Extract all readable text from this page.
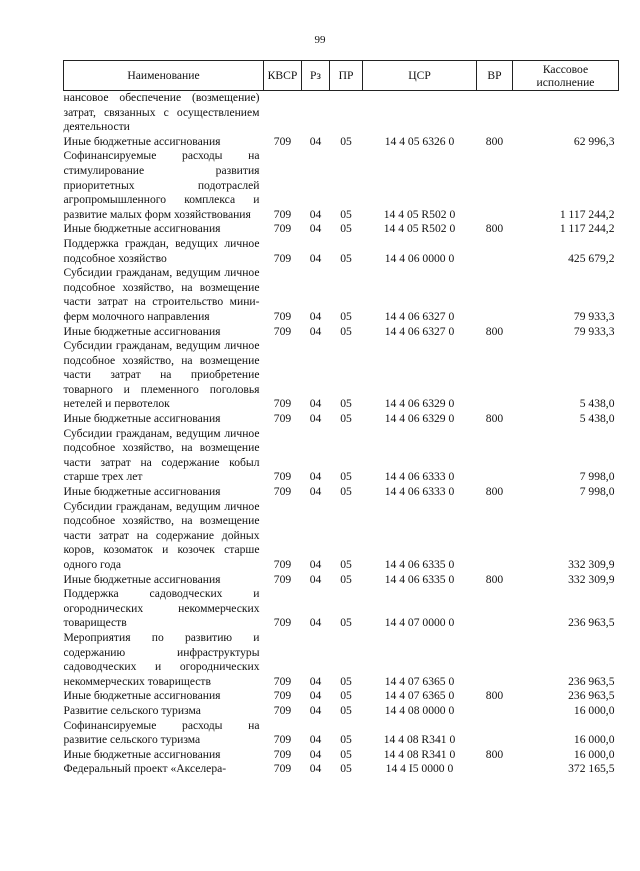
99
Наименование	КВСР	Рз	ПР	ЦСР	ВР	Кассовое исполнение
нансовое обеспечение (возмещение) затрат, связанных с осуществлением деятельности						
Иные бюджетные ассигнования	709	04	05	14 4 05 6326 0	800	62 996,3
Софинансируемые расходы на стимулирование развития приоритетных подотраслей агропромышленного комплекса и развитие малых форм хозяйствования	709	04	05	14 4 05 R502 0		1 117 244,2
Иные бюджетные ассигнования	709	04	05	14 4 05 R502 0	800	1 117 244,2
Поддержка граждан, ведущих личное подсобное хозяйство	709	04	05	14 4 06 0000 0		425 679,2
Субсидии гражданам, ведущим личное подсобное хозяйство, на возмещение части затрат на строительство мини-ферм молочного направления	709	04	05	14 4 06 6327 0		79 933,3
Иные бюджетные ассигнования	709	04	05	14 4 06 6327 0	800	79 933,3
Субсидии гражданам, ведущим личное подсобное хозяйство, на возмещение части затрат на приобретение товарного и племенного поголовья нетелей и первотелок	709	04	05	14 4 06 6329 0		5 438,0
Иные бюджетные ассигнования	709	04	05	14 4 06 6329 0	800	5 438,0
Субсидии гражданам, ведущим личное подсобное хозяйство, на возмещение части затрат на содержание кобыл старше трех лет	709	04	05	14 4 06 6333 0		7 998,0
Иные бюджетные ассигнования	709	04	05	14 4 06 6333 0	800	7 998,0
Субсидии гражданам, ведущим личное подсобное хозяйство, на возмещение части затрат на содержание дойных коров, козоматок и козочек старше одного года	709	04	05	14 4 06 6335 0		332 309,9
Иные бюджетные ассигнования	709	04	05	14 4 06 6335 0	800	332 309,9
Поддержка садоводческих и огороднических некоммерческих товариществ	709	04	05	14 4 07 0000 0		236 963,5
Мероприятия по развитию и содержанию инфраструктуры садоводческих и огороднических некоммерческих товариществ	709	04	05	14 4 07 6365 0		236 963,5
Иные бюджетные ассигнования	709	04	05	14 4 07 6365 0	800	236 963,5
Развитие сельского туризма	709	04	05	14 4 08 0000 0		16 000,0
Софинансируемые расходы на развитие сельского туризма	709	04	05	14 4 08 R341 0		16 000,0
Иные бюджетные ассигнования	709	04	05	14 4 08 R341 0	800	16 000,0
Федеральный проект «Акселера-	709	04	05	14 4 I5 0000 0		372 165,5
